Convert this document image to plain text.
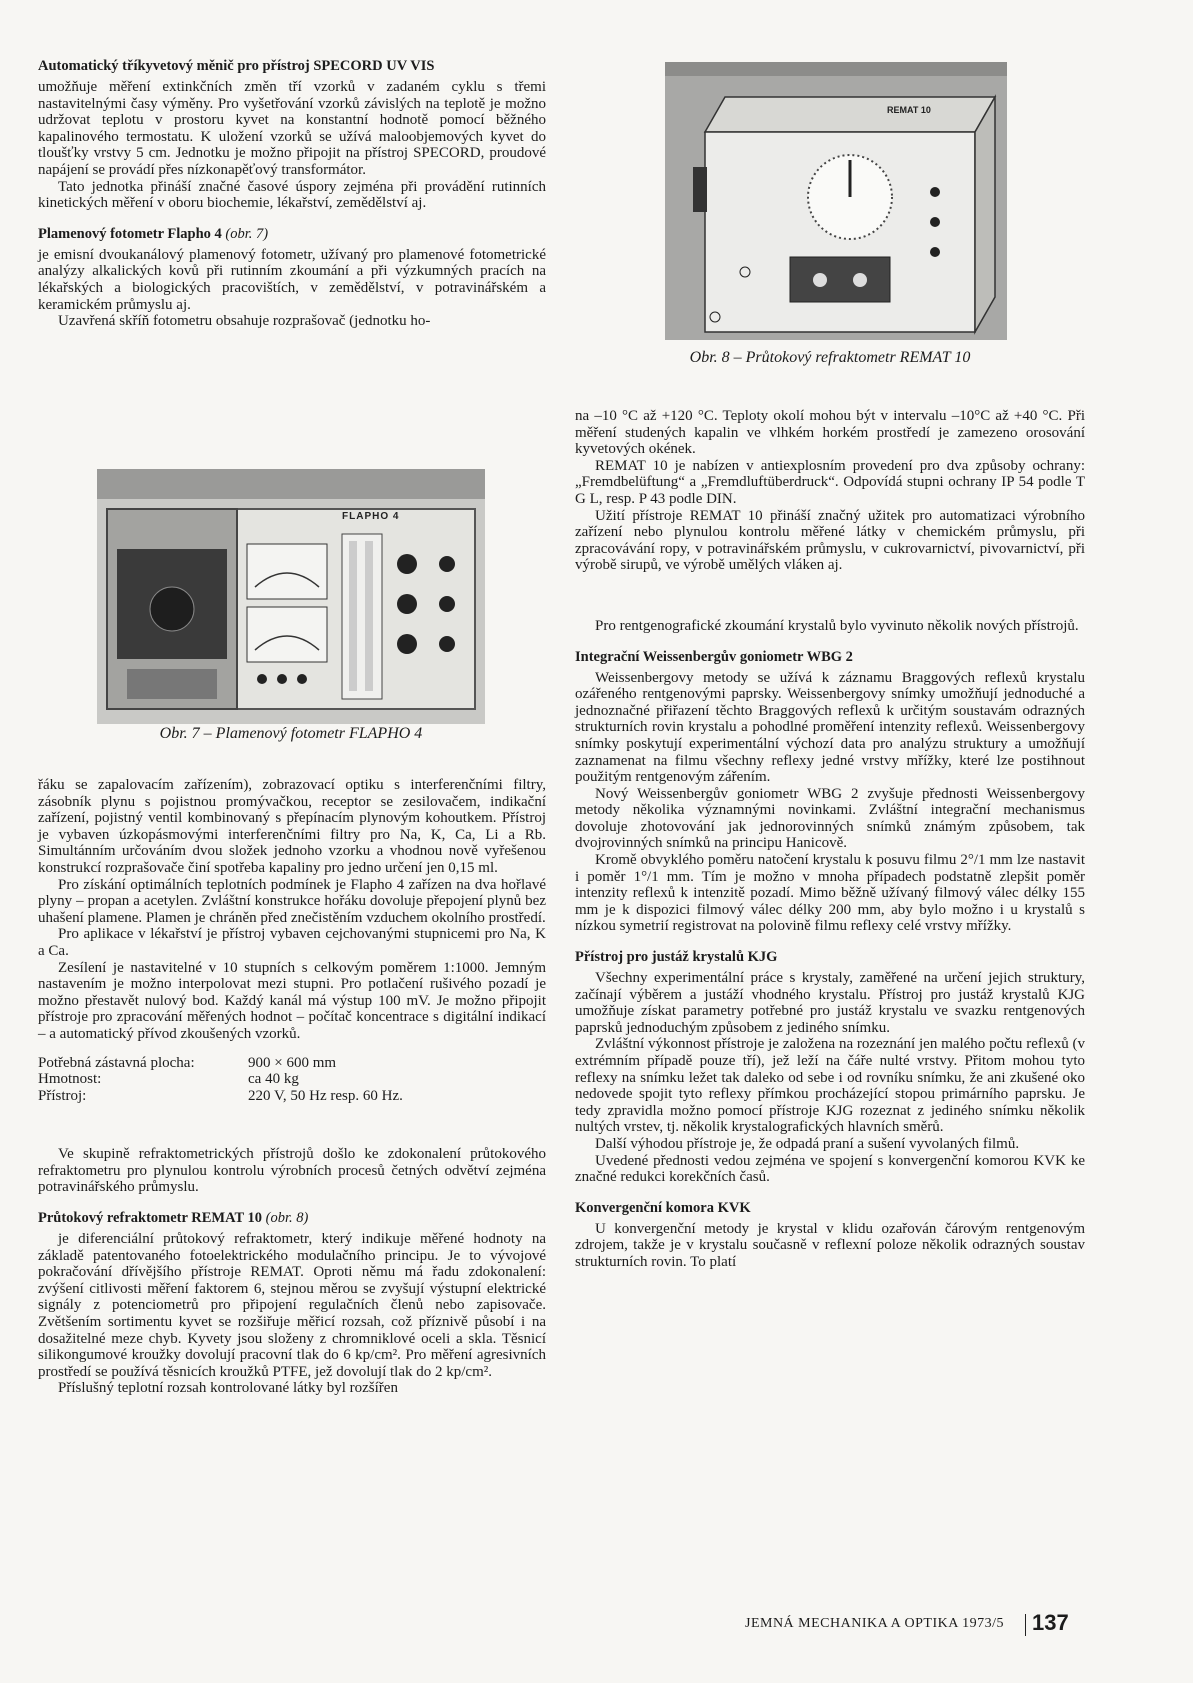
Automatický tříkyvetový měnič pro přístroj SPECORD UV VIS

umožňuje měření extinkčních změn tří vzorků v zadaném cyklu s třemi nastavitelnými časy výměny. Pro vyšetřování vzorků závislých na teplotě je možno udržovat teplotu v prostoru kyvet na konstantní hodnotě pomocí běžného kapalinového termostatu. K uložení vzorků se užívá maloobjemových kyvet do tloušťky vrstvy 5 cm. Jednotku je možno připojit na přístroj SPECORD, proudové napájení se provádí přes nízkonapěťový transformátor.

Tato jednotka přináší značné časové úspory zejména při provádění rutinních kinetických měření v oboru biochemie, lékařství, zemědělství aj.

Plamenový fotometr Flapho 4 (obr. 7)

je emisní dvoukanálový plamenový fotometr, užívaný pro plamenové fotometrické analýzy alkalických kovů při rutinním zkoumání a při výzkumných pracích na lékařských a biologických pracovištích, v zemědělství, v potravinářském a keramickém průmyslu aj.

Uzavřená skříň fotometru obsahuje rozprašovač (jednotku ho-

FLAPHO 4
Obr. 7 – Plamenový fotometr FLAPHO 4

řáku se zapalovacím zařízením), zobrazovací optiku s interferenčními filtry, zásobník plynu s pojistnou promývačkou, receptor se zesilovačem, indikační zařízení, pojistný ventil kombinovaný s přepínacím plynovým kohoutkem. Přístroj je vybaven úzkopásmovými interferenčními filtry pro Na, K, Ca, Li a Rb. Simultánním určováním dvou složek jednoho vzorku a vhodnou nově vyřešenou konstrukcí rozprašovače činí spotřeba kapaliny pro jedno určení jen 0,15 ml.

Pro získání optimálních teplotních podmínek je Flapho 4 zařízen na dva hořlavé plyny – propan a acetylen. Zvláštní konstrukce hořáku dovoluje přepojení plynů bez uhašení plamene. Plamen je chráněn před znečistěním vzduchem okolního prostředí.

Pro aplikace v lékařství je přístroj vybaven cejchovanými stupnicemi pro Na, K a Ca.

Zesílení je nastavitelné v 10 stupních s celkovým poměrem 1:1000. Jemným nastavením je možno interpolovat mezi stupni. Pro potlačení rušivého pozadí je možno přestavět nulový bod. Každý kanál má výstup 100 mV. Je možno připojit přístroje pro zpracování měřených hodnot – počítač koncentrace s digitální indikací – a automatický přívod zkoušených vzorků.

Potřebná zástavná plocha:	900 × 600 mm
Hmotnost:	ca 40 kg
Přístroj:	220 V, 50 Hz resp. 60 Hz.

Ve skupině refraktometrických přístrojů došlo ke zdokonalení průtokového refraktometru pro plynulou kontrolu výrobních procesů četných odvětví zejména potravinářského průmyslu.

Průtokový refraktometr REMAT 10 (obr. 8)

je diferenciální průtokový refraktometr, který indikuje měřené hodnoty na základě patentovaného fotoelektrického modulačního principu. Je to vývojové pokračování dřívějšího přístroje REMAT. Oproti němu má řadu zdokonalení: zvýšení citlivosti měření faktorem 6, stejnou měrou se zvyšují výstupní elektrické signály z potenciometrů pro připojení regulačních členů nebo zapisovače. Zvětšením sortimentu kyvet se rozšiřuje měřicí rozsah, což příznivě působí i na dosažitelné meze chyb. Kyvety jsou složeny z chromniklové oceli a skla. Těsnicí silikongumové kroužky dovolují pracovní tlak do 6 kp/cm². Pro měření agresivních prostředí se používá těsnicích kroužků PTFE, jež dovolují tlak do 2 kp/cm².

Příslušný teplotní rozsah kontrolované látky byl rozšířen

REMAT 10
Obr. 8 – Průtokový refraktometr REMAT 10

na –10 °C až +120 °C. Teploty okolí mohou být v intervalu –10°C až +40 °C. Při měření studených kapalin ve vlhkém horkém prostředí je zamezeno orosování kyvetových okének.

REMAT 10 je nabízen v antiexplosním provedení pro dva způsoby ochrany: „Fremdbelüftung“ a „Fremdluftüberdruck“. Odpovídá stupni ochrany IP 54 podle T G L, resp. P 43 podle DIN.

Užití přístroje REMAT 10 přináší značný užitek pro automatizaci výrobního zařízení nebo plynulou kontrolu měřené látky v chemickém průmyslu, při zpracovávání ropy, v potravinářském průmyslu, v cukrovarnictví, pivovarnictví, při výrobě sirupů, ve výrobě umělých vláken aj.

Pro rentgenografické zkoumání krystalů bylo vyvinuto několik nových přístrojů.

Integrační Weissenbergův goniometr WBG 2

Weissenbergovy metody se užívá k záznamu Braggových reflexů krystalu ozářeného rentgenovými paprsky. Weissenbergovy snímky umožňují jednoduché a jednoznačné přiřazení těchto Braggových reflexů k určitým soustavám odrazných strukturních rovin krystalu a pohodlné proměření intenzity reflexů. Weissenbergovy snímky poskytují experimentální výchozí data pro analýzu struktury a umožňují zaznamenat na filmu všechny reflexy jedné vrstvy mřížky, které lze postihnout použitým rentgenovým zářením.

Nový Weissenbergův goniometr WBG 2 zvyšuje přednosti Weissenbergovy metody několika významnými novinkami. Zvláštní integrační mechanismus dovoluje zhotovování jak jednorovinných snímků známým způsobem, tak dvojrovinných snímků na principu Hanicově.

Kromě obvyklého poměru natočení krystalu k posuvu filmu 2°/1 mm lze nastavit i poměr 1°/1 mm. Tím je možno v mnoha případech podstatně zlepšit poměr intenzity reflexů k intenzitě pozadí. Mimo běžně užívaný filmový válec délky 155 mm je k dispozici filmový válec délky 200 mm, aby bylo možno i u krystalů s nízkou symetrií registrovat na polovině filmu reflexy celé vrstvy mřížky.

Přístroj pro justáž krystalů KJG

Všechny experimentální práce s krystaly, zaměřené na určení jejich struktury, začínají výběrem a justáží vhodného krystalu. Přístroj pro justáž krystalů KJG umožňuje získat parametry potřebné pro justáž krystalu ve svazku rentgenových paprsků jednoduchým způsobem z jediného snímku.

Zvláštní výkonnost přístroje je založena na rozeznání jen malého počtu reflexů (v extrémním případě pouze tří), jež leží na čáře nulté vrstvy. Přitom mohou tyto reflexy na snímku ležet tak daleko od sebe i od rovníku snímku, že ani zkušené oko nedovede spojit tyto reflexy přímkou procházející stopou primárního paprsku. Je tedy zpravidla možno pomocí přístroje KJG rozeznat z jediného snímku několik nultých vrstev, tj. několik krystalografických hlavních směrů.

Další výhodou přístroje je, že odpadá praní a sušení vyvolaných filmů.

Uvedené přednosti vedou zejména ve spojení s konvergenční komorou KVK ke značné redukci korekčních časů.

Konvergenční komora KVK

U konvergenční metody je krystal v klidu ozařován čárovým rentgenovým zdrojem, takže je v krystalu současně v reflexní poloze několik odrazných soustav strukturních rovin. To platí

JEMNÁ MECHANIKA A OPTIKA 1973/5 137
